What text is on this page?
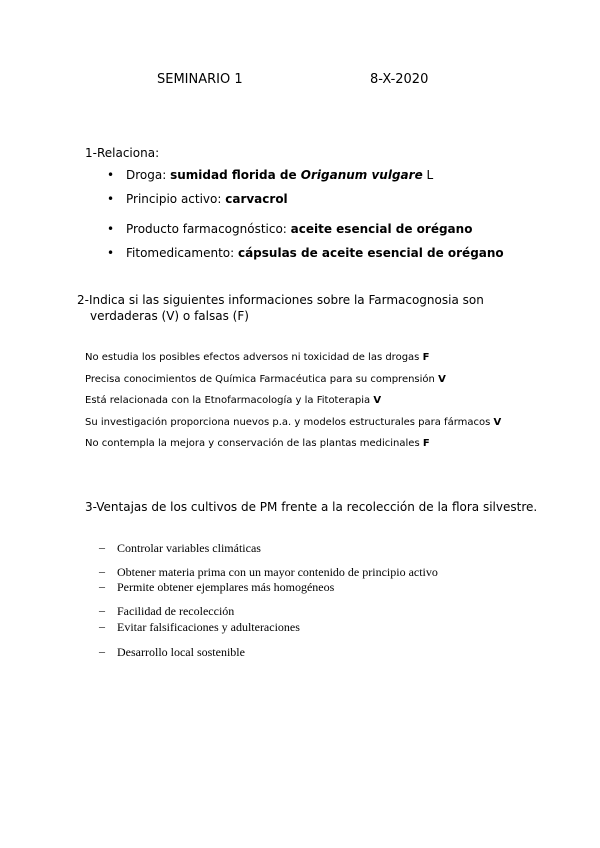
SEMINARIO 1	8-X-2020
1-Relaciona:
• Droga: sumidad florida de Origanum vulgare L
• Principio activo: carvacrol
• Producto farmacognóstico: aceite esencial de orégano
• Fitomedicamento: cápsulas de aceite esencial de orégano
2-Indica si las siguientes informaciones sobre la Farmacognosia son
verdaderas (V) o falsas (F)
No estudia los posibles efectos adversos ni toxicidad de las drogas F
Precisa conocimientos de Química Farmacéutica para su comprensión V
Está relacionada con la Etnofarmacología y la Fitoterapia V
Su investigación proporciona nuevos p.a. y modelos estructurales para fármacos V
No contempla la mejora y conservación de las plantas medicinales F
3-Ventajas de los cultivos de PM frente a la recolección de la flora silvestre.
– Controlar variables climáticas
– Obtener materia prima con un mayor contenido de principio activo
– Permite obtener ejemplares más homogéneos
– Facilidad de recolección
– Evitar falsificaciones y adulteraciones
– Desarrollo local sostenible
